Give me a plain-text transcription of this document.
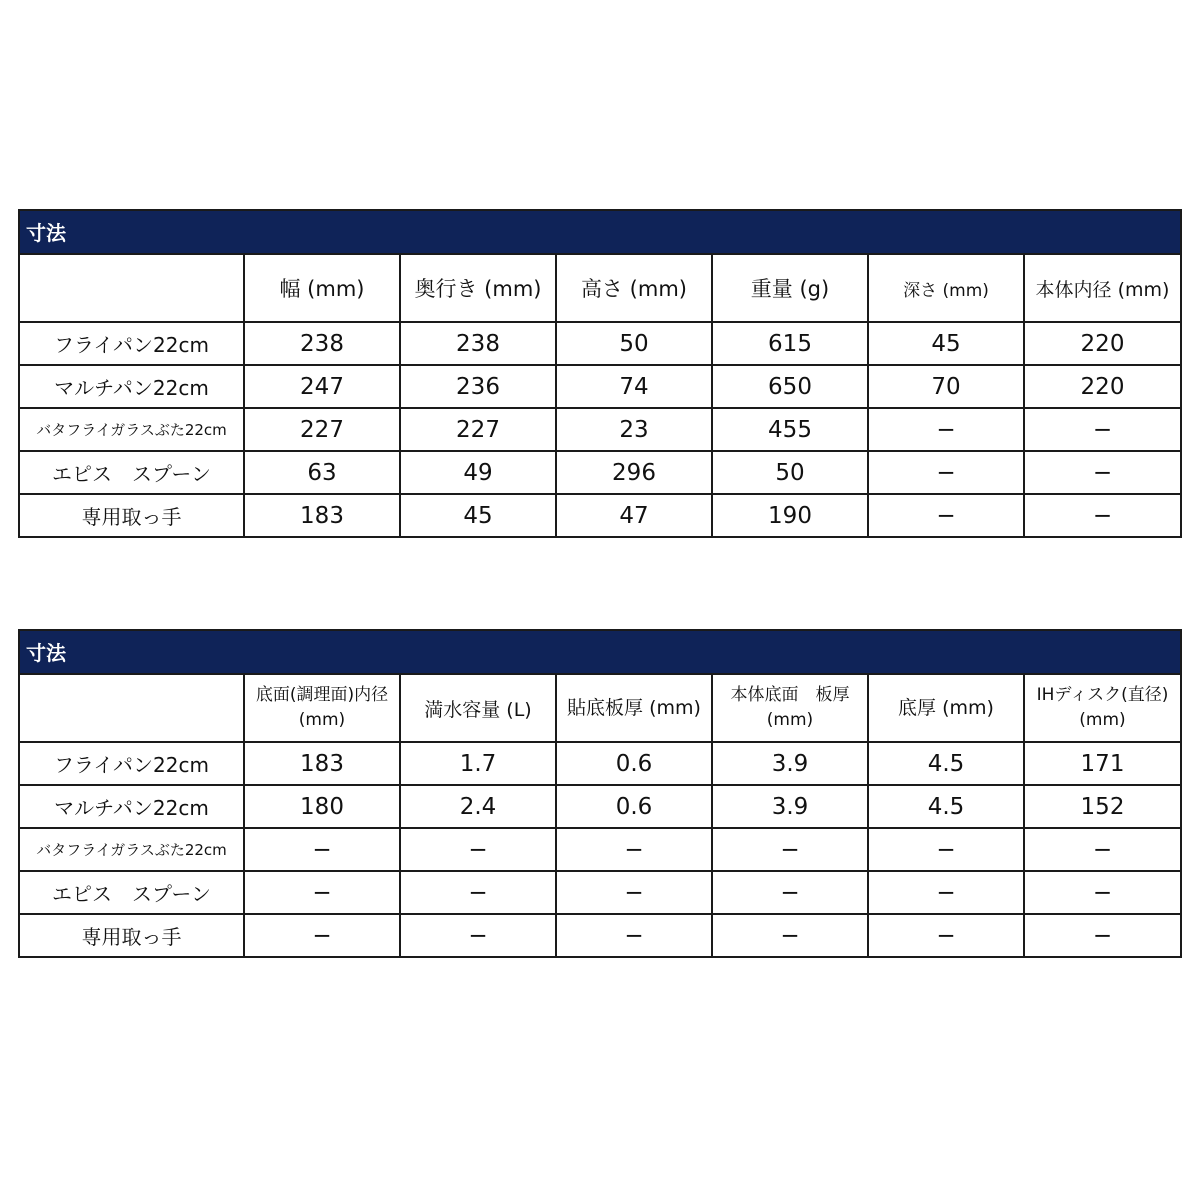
寸法
	幅 (mm)	奥行き (mm)	高さ (mm)	重量 (g)	深さ (mm)	本体内径 (mm)
フライパン22cm	238	238	50	615	45	220
マルチパン22cm	247	236	74	650	70	220
バタフライガラスぶた22cm	227	227	23	455	−	−
エピス　スプーン	63	49	296	50	−	−
専用取っ手	183	45	47	190	−	−
寸法
	底面(調理面)内径(mm)	満水容量 (L)	貼底板厚 (mm)	本体底面　板厚 (mm)	底厚 (mm)	IHディスク(直径) (mm)
フライパン22cm	183	1.7	0.6	3.9	4.5	171
マルチパン22cm	180	2.4	0.6	3.9	4.5	152
バタフライガラスぶた22cm	−	−	−	−	−	−
エピス　スプーン	−	−	−	−	−	−
専用取っ手	−	−	−	−	−	−
